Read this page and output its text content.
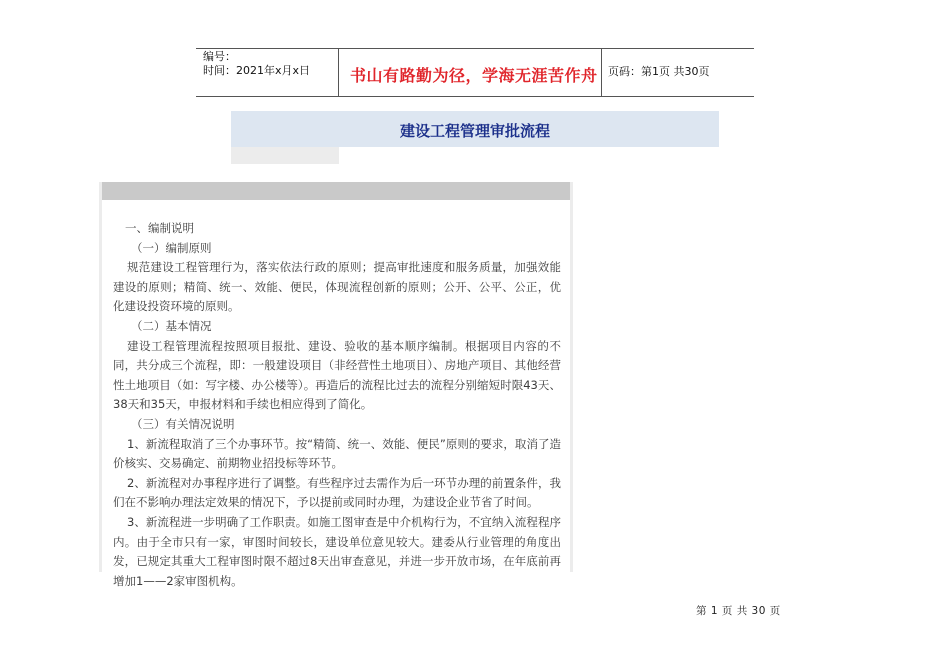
编号：
时间：2021年x月x日 书山有路勤为径，学海无涯苦作舟 页码：第1页 共30页
建设工程管理审批流程

一、编制说明

（一）编制原则

规范建设工程管理行为，落实依法行政的原则；提高审批速度和服务质量，加强效能建设的原则；精简、统一、效能、便民，体现流程创新的原则；公开、公平、公正，优化建设投资环境的原则。

（二）基本情况

建设工程管理流程按照项目报批、建设、验收的基本顺序编制。根据项目内容的不同，共分成三个流程，即：一般建设项目（非经营性土地项目）、房地产项目、其他经营性土地项目（如：写字楼、办公楼等）。再造后的流程比过去的流程分别缩短时限43天、38天和35天，申报材料和手续也相应得到了简化。

（三）有关情况说明

1、新流程取消了三个办事环节。按“精简、统一、效能、便民”原则的要求，取消了造价核实、交易确定、前期物业招投标等环节。

2、新流程对办事程序进行了调整。有些程序过去需作为后一环节办理的前置条件，我们在不影响办理法定效果的情况下，予以提前或同时办理，为建设企业节省了时间。

3、新流程进一步明确了工作职责。如施工图审查是中介机构行为，不宜纳入流程程序内。由于全市只有一家，审图时间较长，建设单位意见较大。建委从行业管理的角度出发，已规定其重大工程审图时限不超过8天出审查意见，并进一步开放市场，在年底前再增加1——2家审图机构。

第 1 页 共 30 页
